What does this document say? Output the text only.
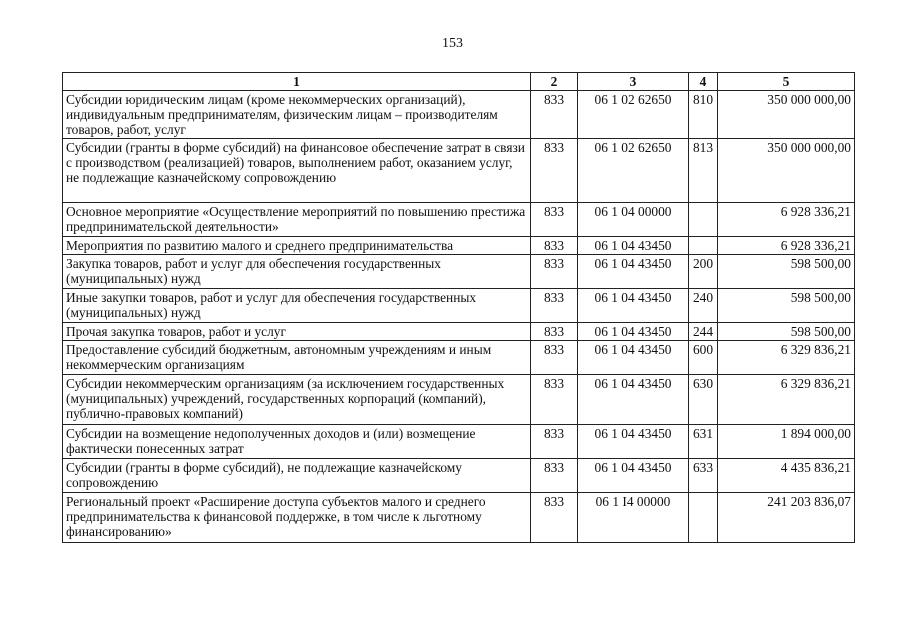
153
1	2	3	4	5
Субсидии юридическим лицам (кроме некоммерческих организаций), индивидуальным предпринимателям, физическим лицам – производителям товаров, работ, услуг	833	06 1 02 62650	810	350 000 000,00
Субсидии (гранты в форме субсидий) на финансовое обеспечение затрат в связи с производством (реализацией) товаров, выполнением работ, оказанием услуг, не подлежащие казначейскому сопровождению	833	06 1 02 62650	813	350 000 000,00
Основное мероприятие «Осуществление мероприятий по повышению престижа предпринимательской деятельности»	833	06 1 04 00000		6 928 336,21
Мероприятия по развитию малого и среднего предпринимательства	833	06 1 04 43450		6 928 336,21
Закупка товаров, работ и услуг для обеспечения государственных (муниципальных) нужд	833	06 1 04 43450	200	598 500,00
Иные закупки товаров, работ и услуг для обеспечения государственных (муниципальных) нужд	833	06 1 04 43450	240	598 500,00
Прочая закупка товаров, работ и услуг	833	06 1 04 43450	244	598 500,00
Предоставление субсидий бюджетным, автономным учреждениям и иным некоммерческим организациям	833	06 1 04 43450	600	6 329 836,21
Субсидии некоммерческим организациям (за исключением государственных (муниципальных) учреждений, государственных корпораций (компаний), публично-правовых компаний)	833	06 1 04 43450	630	6 329 836,21
Субсидии на возмещение недополученных доходов и (или) возмещение фактически понесенных затрат	833	06 1 04 43450	631	1 894 000,00
Субсидии (гранты в форме субсидий), не подлежащие казначейскому сопровождению	833	06 1 04 43450	633	4 435 836,21
Региональный проект «Расширение доступа субъектов малого и среднего предпринимательства к финансовой поддержке, в том числе к льготному финансированию»	833	06 1 I4 00000		241 203 836,07
